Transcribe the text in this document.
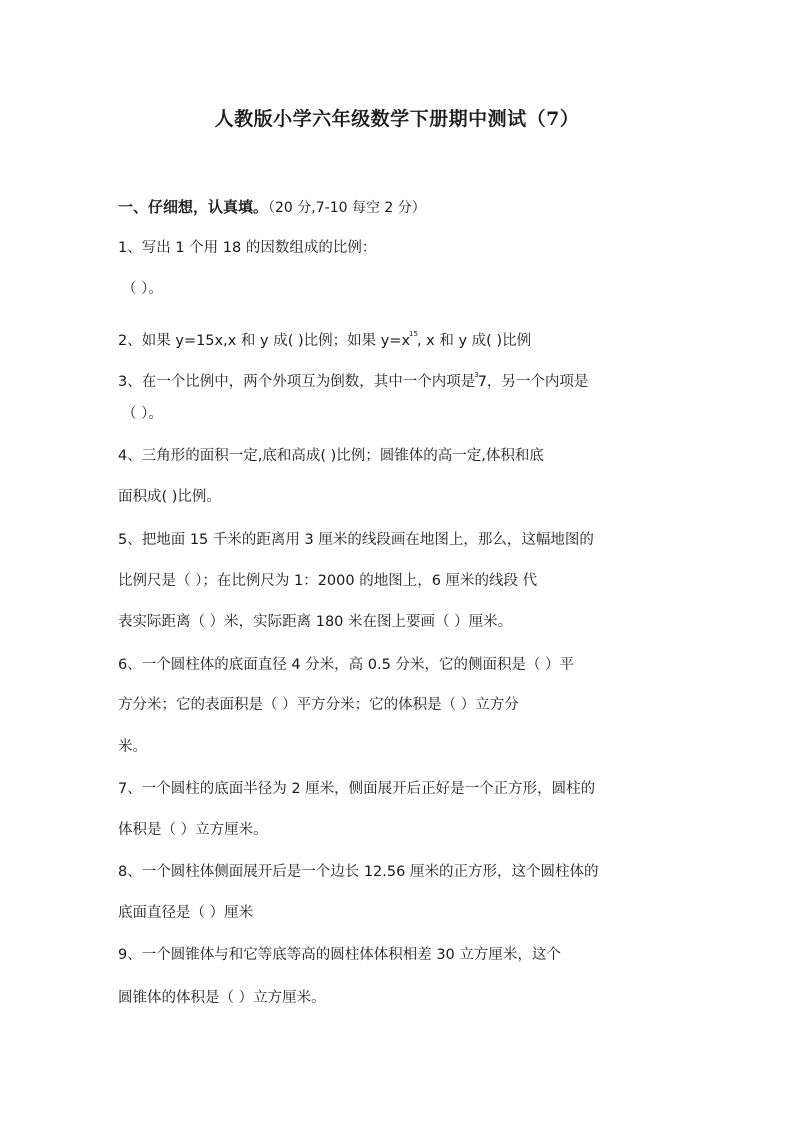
人教版小学六年级数学下册期中测试（7）
一、仔细想，认真填。（20 分,7-10 每空 2 分）
1、写出 1 个用 18 的因数组成的比例：
（ ）。
2、如果 y=15x,x 和 y 成( )比例；如果 $y=x^{15}$, x 和 y 成( )比例
3、在一个比例中，两个外项互为倒数，其中一个内项是$^3$7，另一个内项是
（ ）。
4、三角形的面积一定,底和高成( )比例；圆锥体的高一定,体积和底
面积成( )比例。
5、把地面 15 千米的距离用 3 厘米的线段画在地图上，那么，这幅地图的
比例尺是（ ）；在比例尺为 1：2000 的地图上，6 厘米的线段 代
表实际距离（ ）米，实际距离 180 米在图上要画（ ）厘米。
6、一个圆柱体的底面直径 4 分米，高 0.5 分米，它的侧面积是（ ）平
方分米；它的表面积是（ ）平方分米；它的体积是（ ）立方分
米。
7、一个圆柱的底面半径为 2 厘米，侧面展开后正好是一个正方形，圆柱的
体积是（ ）立方厘米。
8、一个圆柱体侧面展开后是一个边长 12.56 厘米的正方形，这个圆柱体的
底面直径是（ ）厘米
9、一个圆锥体与和它等底等高的圆柱体体积相差 30 立方厘米，这个
圆锥体的体积是（ ）立方厘米。
